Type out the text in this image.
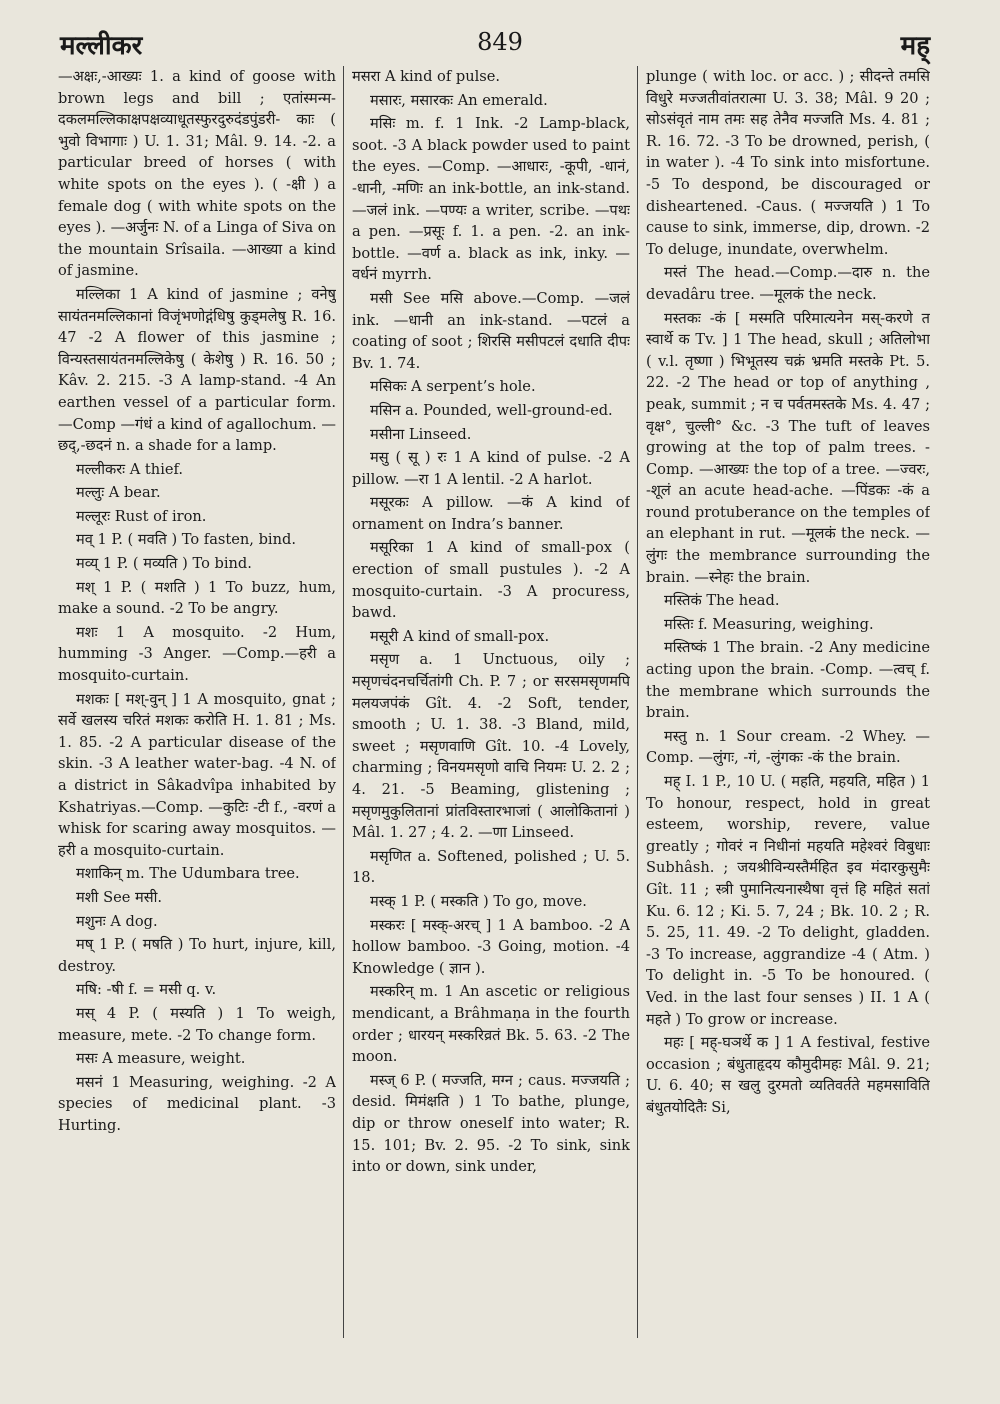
मल्लीकर	849	मह्

—अक्षः,-आख्यः 1. a kind of goose with brown legs and bill ; एतांस्मन्म- दकलमल्लिकाक्षपक्षव्याधूतस्फुरदुरुदंडपुंडरी- काः ( भुवो विभागाः ) U. 1. 31; Mâl. 9. 14. -2. a particular breed of horses ( with white spots on the eyes ). ( -क्षी ) a female dog ( with white spots on the eyes ). —अर्जुनः N. of a Linga of Siva on the mountain Srîsaila. —आख्या a kind of jasmine.

मल्लिका 1 A kind of jasmine ; वनेषु सायंतनमल्लिकानां विजृंभणोद्गंधिषु कुड्मलेषु R. 16. 47 -2 A flower of this jasmine ; विन्यस्तसायंतनमल्लिकेषु ( केशेषु ) R. 16. 50 ; Kâv. 2. 215. -3 A lamp-stand. -4 An earthen vessel of a particular form. —Comp —गंधं a kind of agallochum. —छद्,-छदनं n. a shade for a lamp.

मल्लीकरः A thief.

मल्लुः A bear.

मल्लूरः Rust of iron.

मव् 1 P. ( मवति ) To fasten, bind.

मव्य् 1 P. ( मव्यति ) To bind.

मश् 1 P. ( मशति ) 1 To buzz, hum, make a sound. -2 To be angry.

मशः 1 A mosquito. -2 Hum, humming -3 Anger. —Comp.—हरी a mosquito-curtain.

मशकः [ मश्-वुन् ] 1 A mosquito, gnat ; सर्वे खलस्य चरितं मशकः करोति H. 1. 81 ; Ms. 1. 85. -2 A particular disease of the skin. -3 A leather water-bag. -4 N. of a district in Sâkadvîpa inhabited by Kshatriyas.—Comp. —कुटिः -टी f., -वरणं a whisk for scaring away mosquitos. —हरी a mosquito-curtain.

मशाकिन् m. The Udumbara tree.

मशी See मसी.

मशुनः A dog.

मष् 1 P. ( मषति ) To hurt, injure, kill, destroy.

मषि: -षी f. = मसी q. v.

मस् 4 P. ( मस्यति ) 1 To weigh, measure, mete. -2 To change form.

मसः A measure, weight.

मसनं 1 Measuring, weighing. -2 A species of medicinal plant. -3 Hurting.

मसरा A kind of pulse.

मसारः, मसारकः An emerald.

मसिः m. f. 1 Ink. -2 Lamp-black, soot. -3 A black powder used to paint the eyes. —Comp. —आधारः, -कूपी, -धानं, -धानी, -मणिः an ink-bottle, an ink-stand. —जलं ink. —पण्यः a writer, scribe. —पथः a pen. —प्रसूः f. 1. a pen. -2. an ink-bottle. —वर्ण a. black as ink, inky. —वर्धनं myrrh.

मसी See मसि above.—Comp. —जलं ink. —धानी an ink-stand. —पटलं a coating of soot ; शिरसि मसीपटलं दधाति दीपः Bv. 1. 74.

मसिकः A serpent’s hole.

मसिन a. Pounded, well-ground-ed.

मसीना Linseed.

मसु ( सू ) रः 1 A kind of pulse. -2 A pillow. —रा 1 A lentil. -2 A harlot.

मसूरकः A pillow. —कं A kind of ornament on Indra’s banner.

मसूरिका 1 A kind of small-pox ( erection of small pustules ). -2 A mosquito-curtain. -3 A procuress, bawd.

मसूरी A kind of small-pox.

मसृण a. 1 Unctuous, oily ; मसृणचंदनचर्चितांगी Ch. P. 7 ; or सरसमसृणमपि मलयजपंकं Gît. 4. -2 Soft, tender, smooth ; U. 1. 38. -3 Bland, mild, sweet ; मसृणवाणि Gît. 10. -4 Lovely, charming ; विनयमसृणो वाचि नियमः U. 2. 2 ; 4. 21. -5 Beaming, glistening ; मसृणमुकुलितानां प्रांतविस्तारभाजां ( आलोकितानां ) Mâl. 1. 27 ; 4. 2. —णा Linseed.

मसृणित a. Softened, polished ; U. 5. 18.

मस्क् 1 P. ( मस्कति ) To go, move.

मस्करः [ मस्क्-अरच् ] 1 A bamboo. -2 A hollow bamboo. -3 Going, motion. -4 Knowledge ( ज्ञान ).

मस्करिन् m. 1 An ascetic or religious mendicant, a Brâhmaṇa in the fourth order ; धारयन् मस्करिव्रतं Bk. 5. 63. -2 The moon.

मस्ज् 6 P. ( मज्जति, मग्न ; caus. मज्जयति ; desid. मिमंक्षति ) 1 To bathe, plunge, dip or throw oneself into water; R. 15. 101; Bv. 2. 95. -2 To sink, sink into or down, sink under,

plunge ( with loc. or acc. ) ; सीदन्ते तमसि विधुरे मज्जतीवांतरात्मा U. 3. 38; Mâl. 9 20 ; सोऽसंवृतं नाम तमः सह तेनैव मज्जति Ms. 4. 81 ; R. 16. 72. -3 To be drowned, perish, ( in water ). -4 To sink into misfortune. -5 To despond, be discouraged or disheartened. -Caus. ( मज्जयति ) 1 To cause to sink, immerse, dip, drown. -2 To deluge, inundate, overwhelm.

मस्तं The head.—Comp.—दारु n. the devadâru tree. —मूलकं the neck.

मस्तकः -कं [ मस्मति परिमात्यनेन मस्-करणे त स्वार्थे क Tv. ] 1 The head, skull ; अतिलोभा ( v.l. तृष्णा ) भिभूतस्य चक्रं भ्रमति मस्तके Pt. 5. 22. -2 The head or top of anything , peak, summit ; न च पर्वतमस्तके Ms. 4. 47 ; वृक्ष°, चुल्ली° &c. -3 The tuft of leaves growing at the top of palm trees. -Comp. —आख्यः the top of a tree. —ज्वरः, -शूलं an acute head-ache. —पिंडकः -कं a round protuberance on the temples of an elephant in rut. —मूलकं the neck. —लुंगः the membrance surrounding the brain. —स्नेहः the brain.

मस्तिकं The head.

मस्तिः f. Measuring, weighing.

मस्तिष्कं 1 The brain. -2 Any medicine acting upon the brain. -Comp. —त्वच् f. the membrane which surrounds the brain.

मस्तु n. 1 Sour cream. -2 Whey. —Comp. —लुंगः, -गं, -लुंगकः -कं the brain.

मह् I. 1 P., 10 U. ( महति, महयति, महित ) 1 To honour, respect, hold in great esteem, worship, revere, value greatly ; गोवरं न निधीनां महयति महेश्वरं विबुधाः Subhâsh. ; जयश्रीविन्यस्तैर्महित इव मंदारकुसुमैः Gît. 11 ; स्त्री पुमानित्यनास्थैषा वृत्तं हि महितं सतां Ku. 6. 12 ; Ki. 5. 7, 24 ; Bk. 10. 2 ; R. 5. 25, 11. 49. -2 To delight, gladden. -3 To increase, aggrandize -4 ( Atm. ) To delight in. -5 To be honoured. ( Ved. in the last four senses ) II. 1 A ( महते ) To grow or increase.

महः [ मह्-घञर्थे क ] 1 A festival, festive occasion ; बंधुताहृदय कौमुदीमहः Mâl. 9. 21; U. 6. 40; स खलु दुरमतो व्यतिवर्तते महमसाविति बंधुतयोदितैः Si,
